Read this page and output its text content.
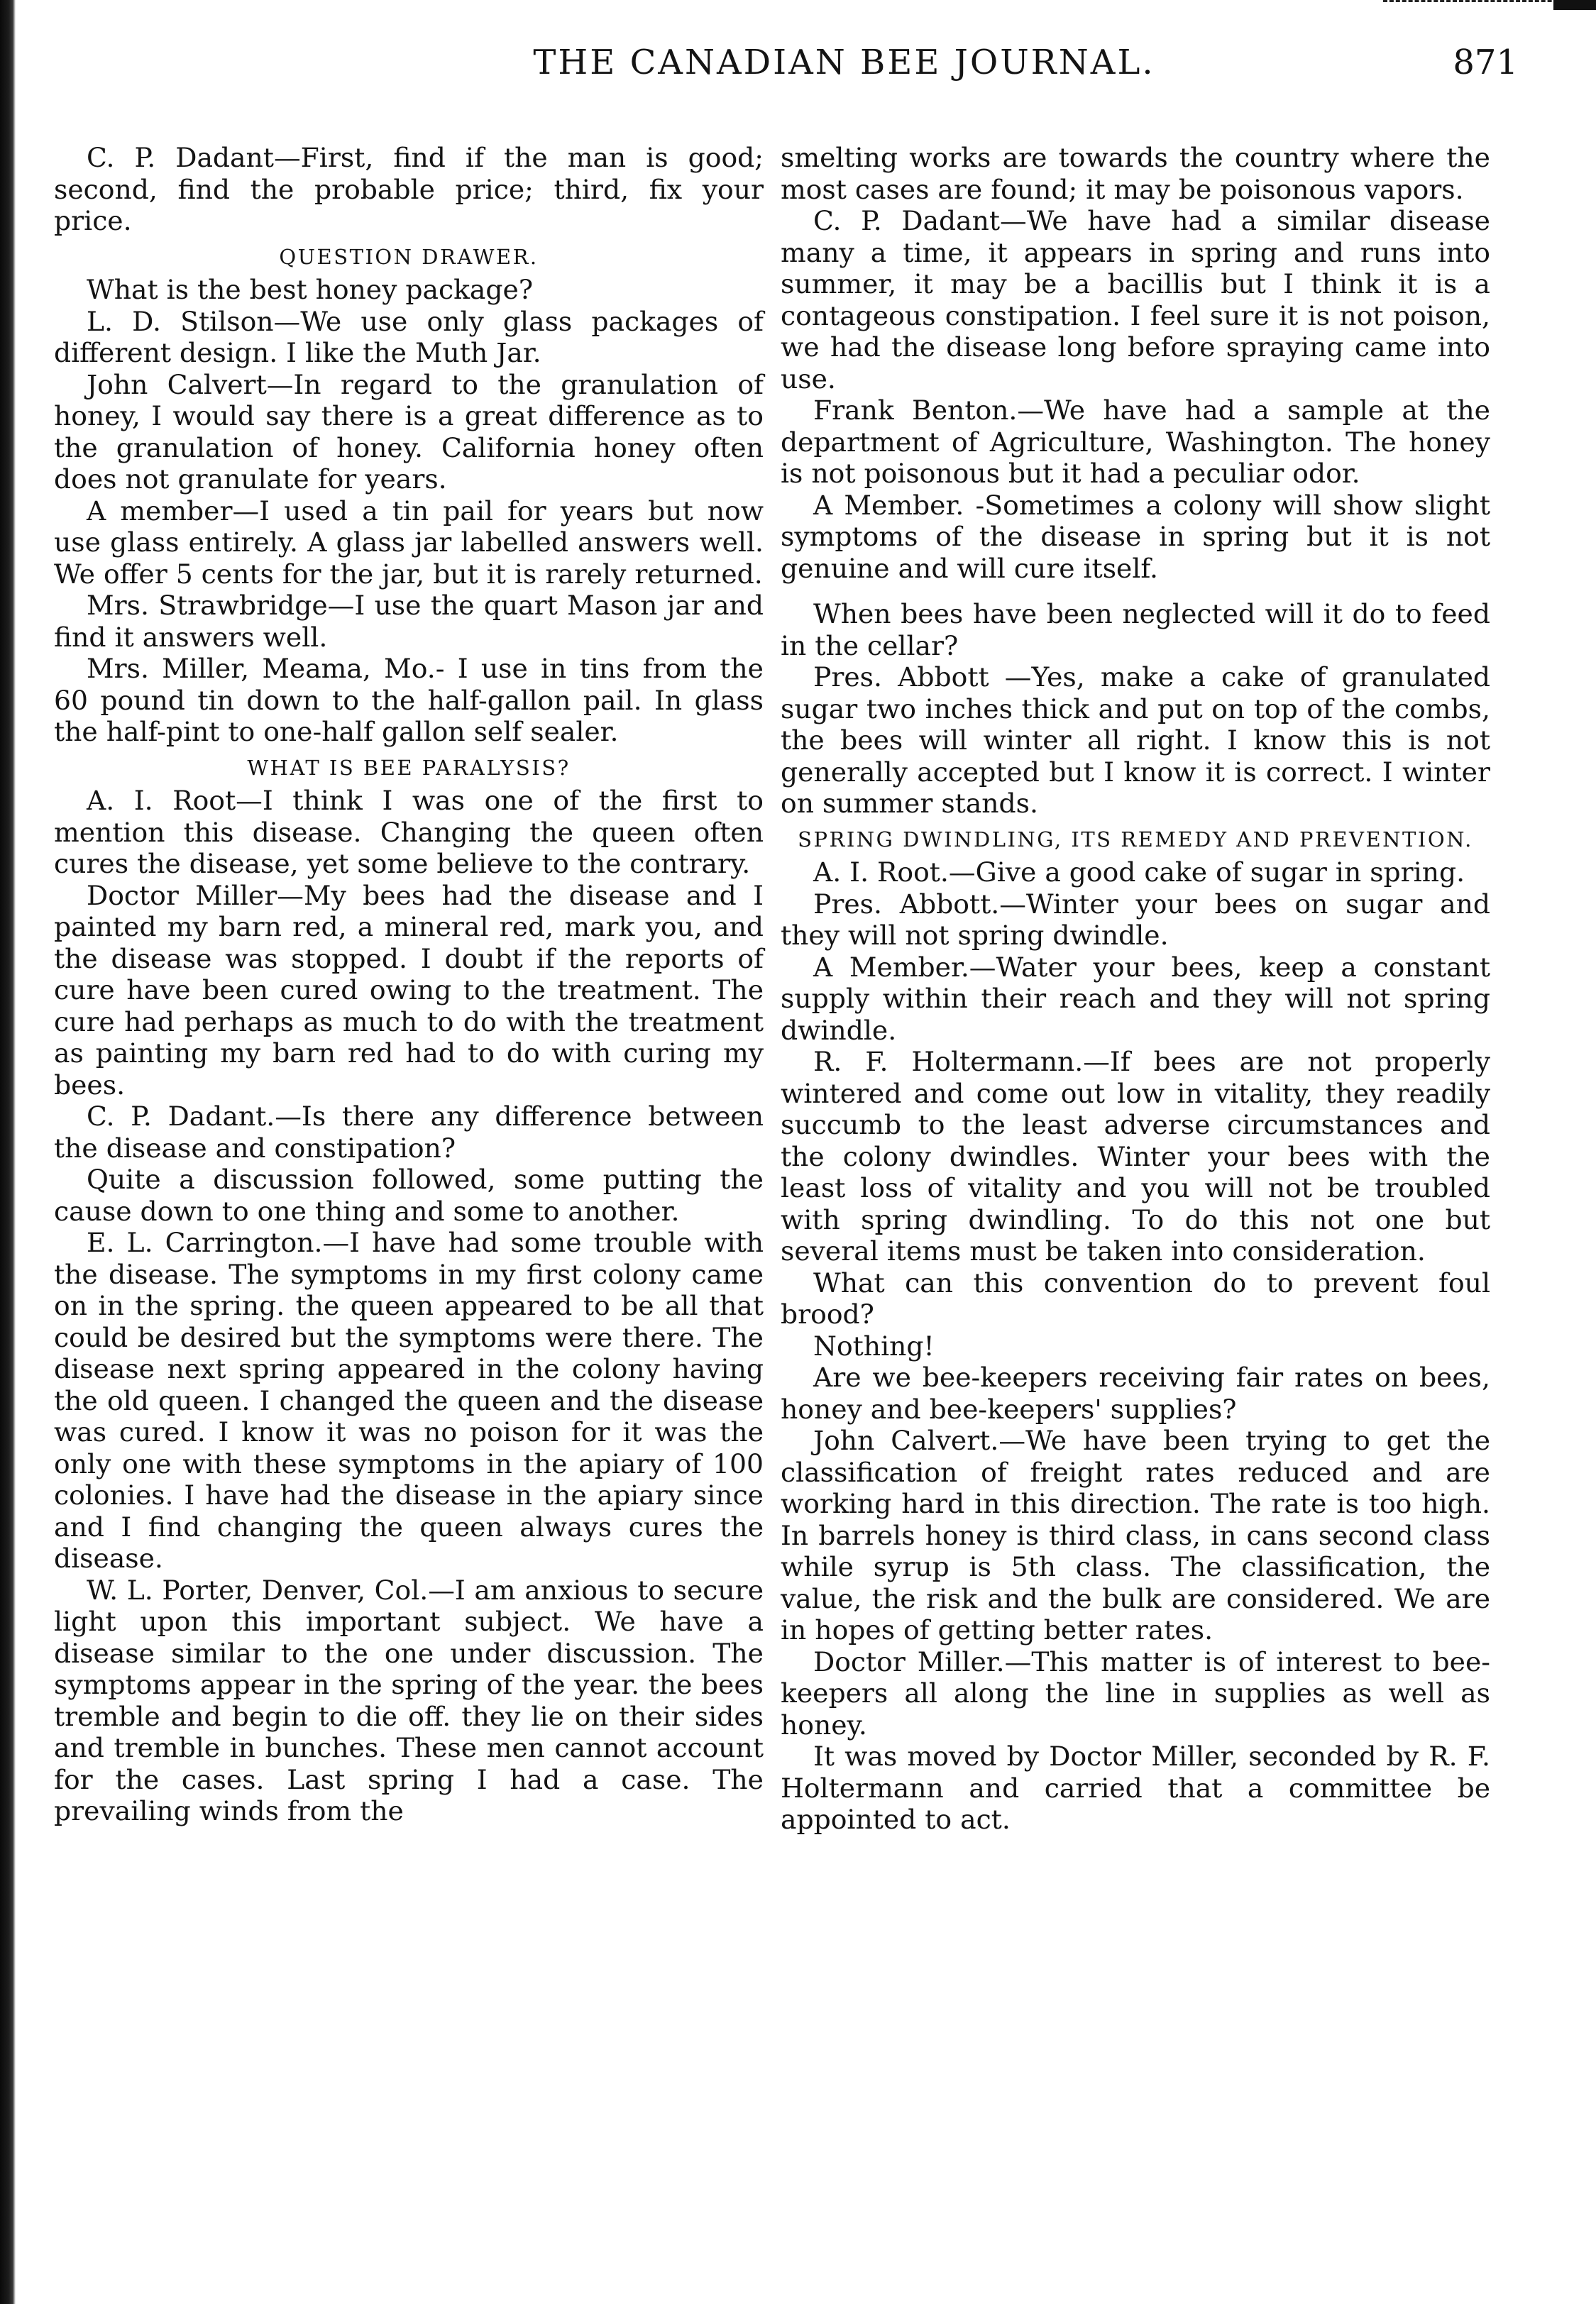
THE CANADIAN BEE JOURNAL.	871

C. P. Dadant—First, find if the man is good; second, find the probable price; third, fix your price.

QUESTION DRAWER.

What is the best honey package?

L. D. Stilson—We use only glass packages of different design. I like the Muth Jar.

John Calvert—In regard to the granulation of honey, I would say there is a great difference as to the granulation of honey. California honey often does not granulate for years.

A member—I used a tin pail for years but now use glass entirely. A glass jar labelled answers well. We offer 5 cents for the jar, but it is rarely returned.

Mrs. Strawbridge—I use the quart Mason jar and find it answers well.

Mrs. Miller, Meama, Mo.- I use in tins from the 60 pound tin down to the half-gallon pail. In glass the half-pint to one-half gallon self sealer.

WHAT IS BEE PARALYSIS?

A. I. Root—I think I was one of the first to mention this disease. Changing the queen often cures the disease, yet some believe to the contrary.

Doctor Miller—My bees had the disease and I painted my barn red, a mineral red, mark you, and the disease was stopped. I doubt if the reports of cure have been cured owing to the treatment. The cure had perhaps as much to do with the treatment as painting my barn red had to do with curing my bees.

C. P. Dadant.—Is there any difference between the disease and constipation?

Quite a discussion followed, some putting the cause down to one thing and some to another.

E. L. Carrington.—I have had some trouble with the disease. The symptoms in my first colony came on in the spring. the queen appeared to be all that could be desired but the symptoms were there. The disease next spring appeared in the colony having the old queen. I changed the queen and the disease was cured. I know it was no poison for it was the only one with these symptoms in the apiary of 100 colonies. I have had the disease in the apiary since and I find changing the queen always cures the disease.

W. L. Porter, Denver, Col.—I am anxious to secure light upon this important subject. We have a disease similar to the one under discussion. The symptoms appear in the spring of the year. the bees tremble and begin to die off. they lie on their sides and tremble in bunches. These men cannot account for the cases. Last spring I had a case. The prevailing winds from the

smelting works are towards the country where the most cases are found; it may be poisonous vapors.

C. P. Dadant—We have had a similar disease many a time, it appears in spring and runs into summer, it may be a bacillis but I think it is a contageous constipation. I feel sure it is not poison, we had the disease long before spraying came into use.

Frank Benton.—We have had a sample at the department of Agriculture, Washington. The honey is not poisonous but it had a peculiar odor.

A Member. -Sometimes a colony will show slight symptoms of the disease in spring but it is not genuine and will cure itself.

When bees have been neglected will it do to feed in the cellar?

Pres. Abbott —Yes, make a cake of granulated sugar two inches thick and put on top of the combs, the bees will winter all right. I know this is not generally accepted but I know it is correct. I winter on summer stands.

SPRING DWINDLING, ITS REMEDY AND PREVENTION.

A. I. Root.—Give a good cake of sugar in spring.

Pres. Abbott.—Winter your bees on sugar and they will not spring dwindle.

A Member.—Water your bees, keep a constant supply within their reach and they will not spring dwindle.

R. F. Holtermann.—If bees are not properly wintered and come out low in vitality, they readily succumb to the least adverse circumstances and the colony dwindles. Winter your bees with the least loss of vitality and you will not be troubled with spring dwindling. To do this not one but several items must be taken into consideration.

What can this convention do to prevent foul brood?

Nothing!

Are we bee-keepers receiving fair rates on bees, honey and bee-keepers' supplies?

John Calvert.—We have been trying to get the classification of freight rates reduced and are working hard in this direction. The rate is too high. In barrels honey is third class, in cans second class while syrup is 5th class. The classification, the value, the risk and the bulk are considered. We are in hopes of getting better rates.

Doctor Miller.—This matter is of interest to bee-keepers all along the line in supplies as well as honey.

It was moved by Doctor Miller, seconded by R. F. Holtermann and carried that a committee be appointed to act.
